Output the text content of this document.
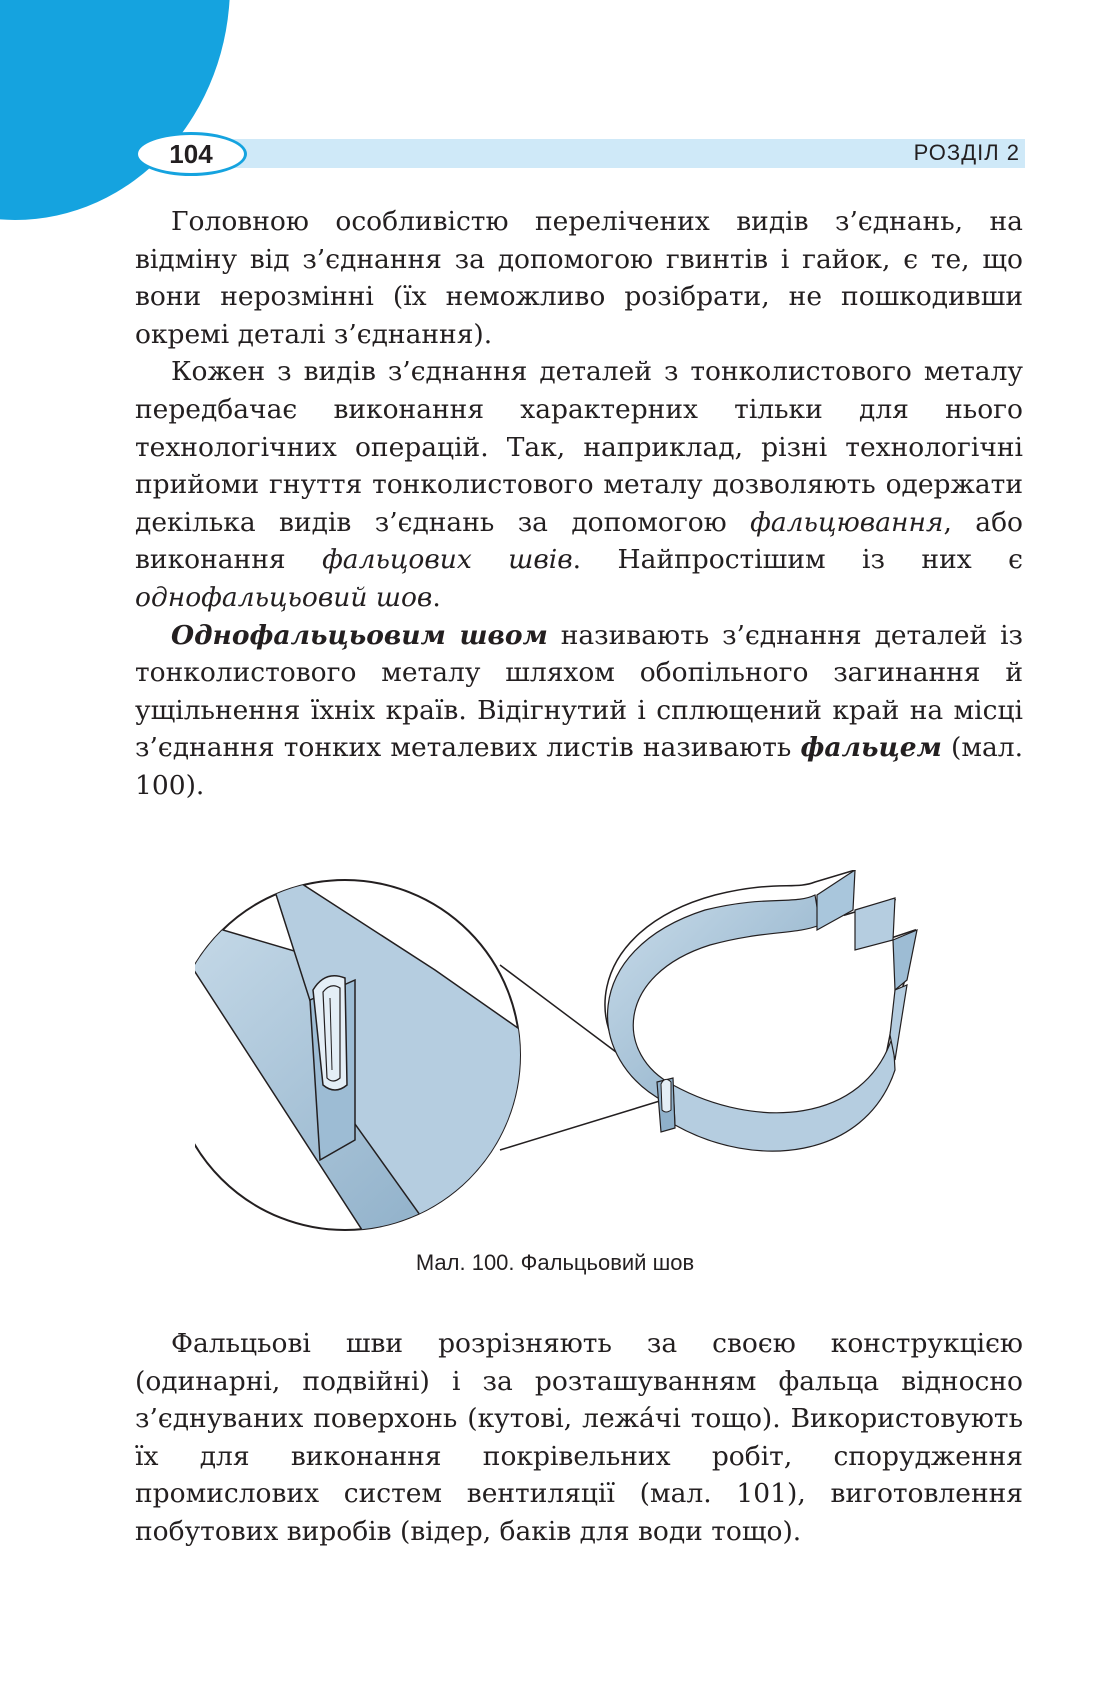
104	РОЗДІЛ 2

Головною особливістю перелічених видів з’єднань, на відміну від з’єднання за допомогою гвинтів і гайок, є те, що вони нерозмінні (їх неможливо розібрати, не пошкодивши окремі деталі з’єднання).

Кожен з видів з’єднання деталей з тонколистового металу передбачає виконання характерних тільки для нього технологічних операцій. Так, наприклад, різні технологічні прийоми гнуття тонколистового металу дозволяють одержати декілька видів з’єднань за допомогою фальцювання, або виконання фальцових швів. Найпростішим із них є однофальцьовий шов.

Однофальцьовим швом називають з’єднання деталей із тонколистового металу шляхом обопільного загинання й ущільнення їхніх країв. Відігнутий і сплющений край на місці з’єднання тонких металевих листів називають фальцем (мал. 100).

Мал. 100. Фальцьовий шов

Фальцьові шви розрізняють за своєю конструкцією (одинарні, подвійні) і за розташуванням фальца відносно з’єднуваних поверхонь (кутові, лежа́чі тощо). Використовують їх для виконання покрівельних робіт, спорудження промислових систем вентиляції (мал. 101), виготовлення побутових виробів (відер, баків для води тощо).
